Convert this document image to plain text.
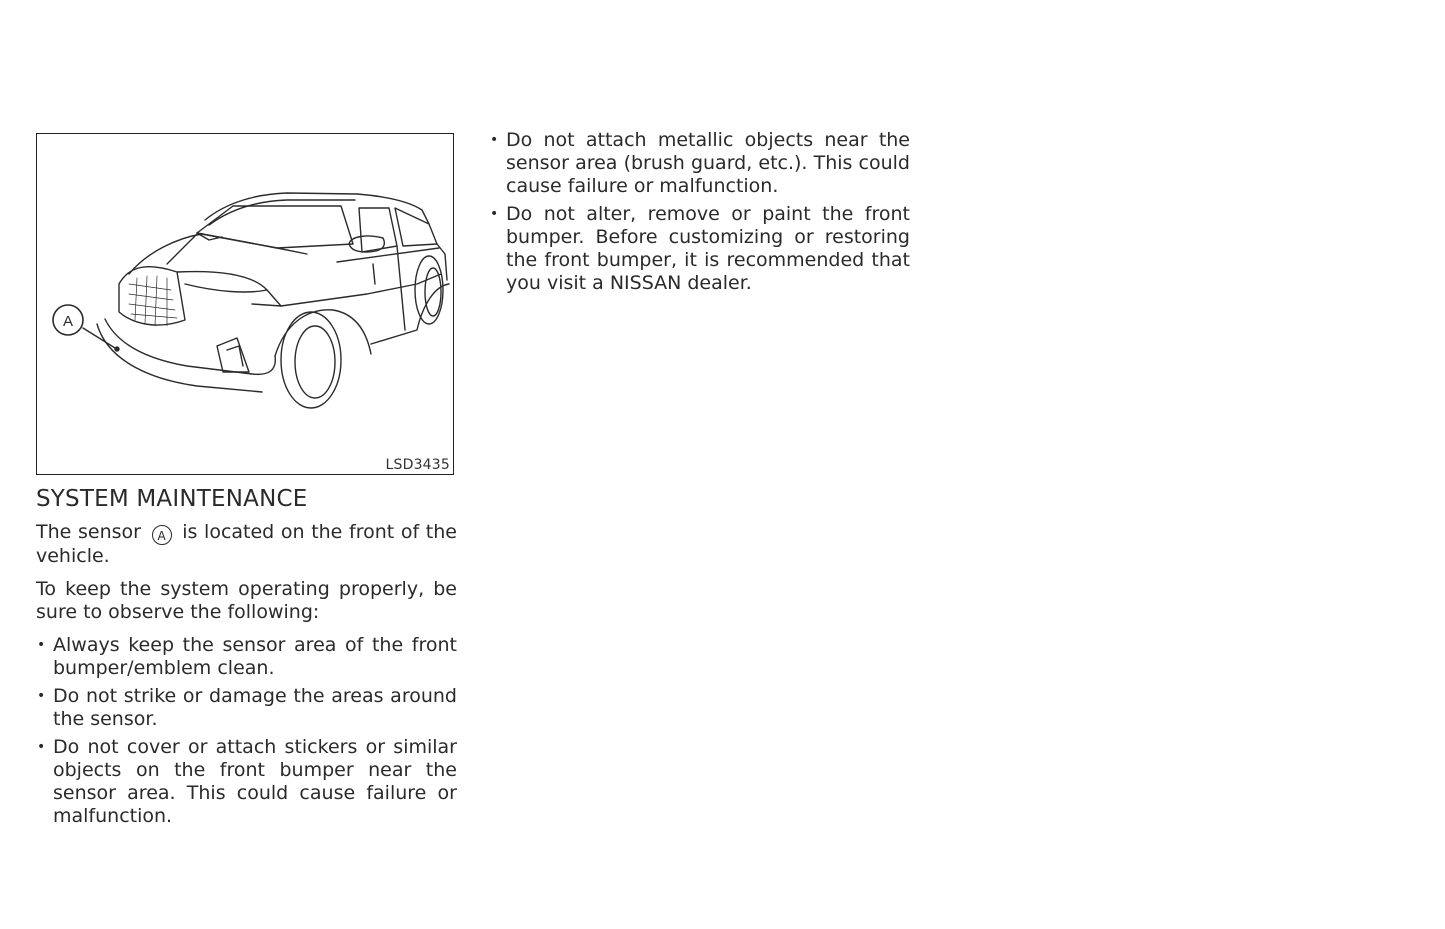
A
LSD3435
SYSTEM MAINTENANCE

The sensor A is located on the front of the vehicle.

To keep the system operating properly, be sure to observe the following:

• Always keep the sensor area of the front bumper/emblem clean.
• Do not strike or damage the areas around the sensor.
• Do not cover or attach stickers or similar objects on the front bumper near the sensor area. This could cause failure or malfunction.
• Do not attach metallic objects near the sensor area (brush guard, etc.). This could cause failure or malfunction.
• Do not alter, remove or paint the front bumper. Before customizing or restoring the front bumper, it is recommended that you visit a NISSAN dealer.
